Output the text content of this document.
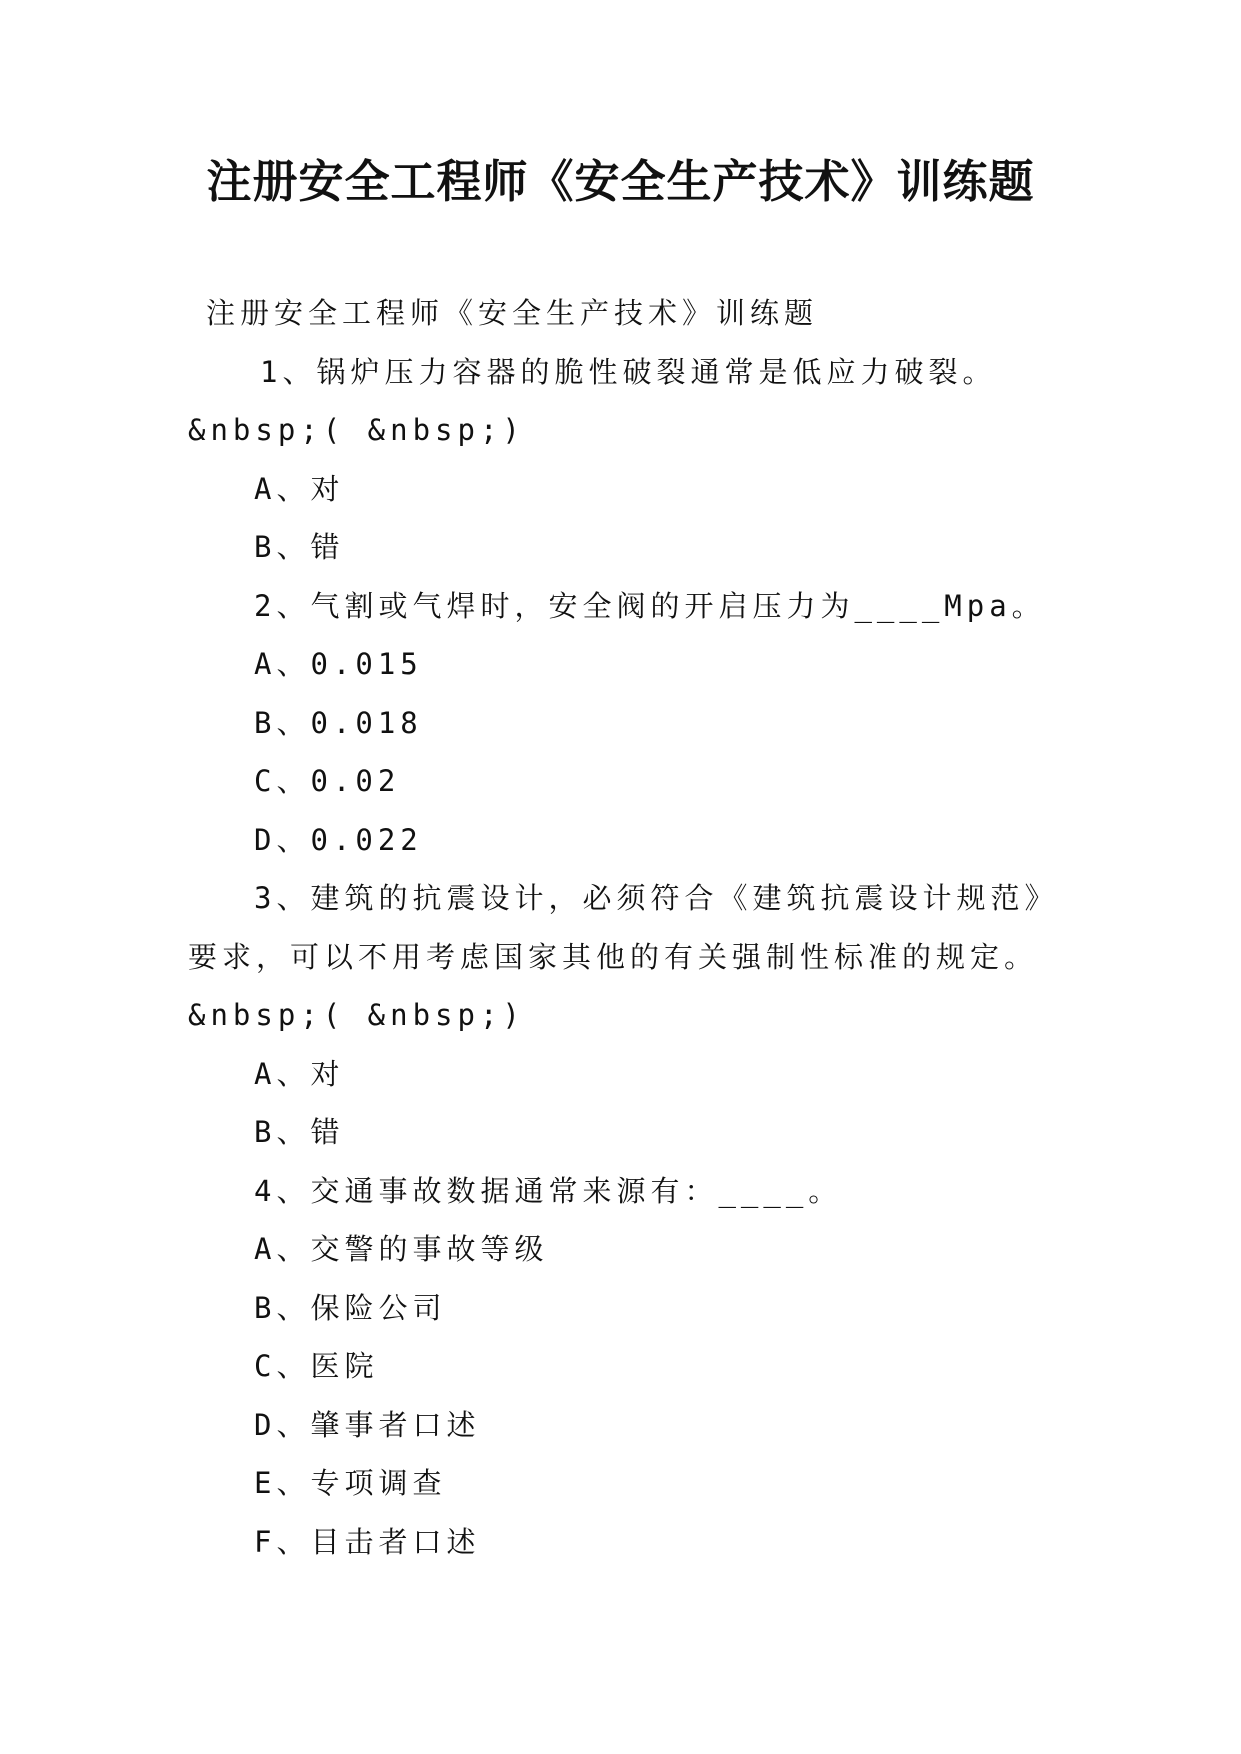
注册安全工程师《安全生产技术》训练题

注册安全工程师《安全生产技术》训练题

1、锅炉压力容器的脆性破裂通常是低应力破裂。

&nbsp;( &nbsp;)

A、对

B、错

2、气割或气焊时，安全阀的开启压力为____Mpa。

A、0.015

B、0.018

C、0.02

D、0.022

3、建筑的抗震设计，必须符合《建筑抗震设计规范》

要求，可以不用考虑国家其他的有关强制性标准的规定。

&nbsp;( &nbsp;)

A、对

B、错

4、交通事故数据通常来源有：____。

A、交警的事故等级

B、保险公司

C、医院

D、肇事者口述

E、专项调查

F、目击者口述
